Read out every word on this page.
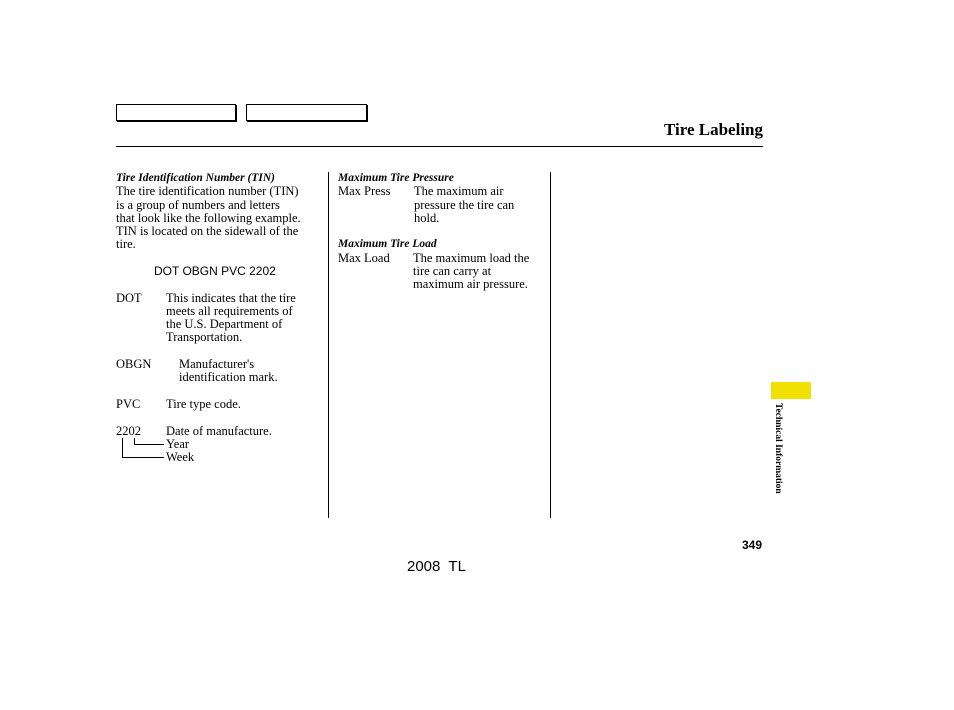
Tire Labeling
Tire Identification Number (TIN)
The tire identification number (TIN)
is a group of numbers and letters
that look like the following example.
TIN is located on the sidewall of the
tire.
DOT OBGN PVC 2202
DOT This indicates that the tire
meets all requirements of
the U.S. Department of
Transportation.
OBGN Manufacturer's
identification mark.
PVC Tire type code.
2202 Date of manufacture.
Year
Week
Maximum Tire Pressure
Max Press The maximum air
pressure the tire can
hold.
Maximum Tire Load
Max Load The maximum load the
tire can carry at
maximum air pressure.
Technical Information
349
2008  TL
